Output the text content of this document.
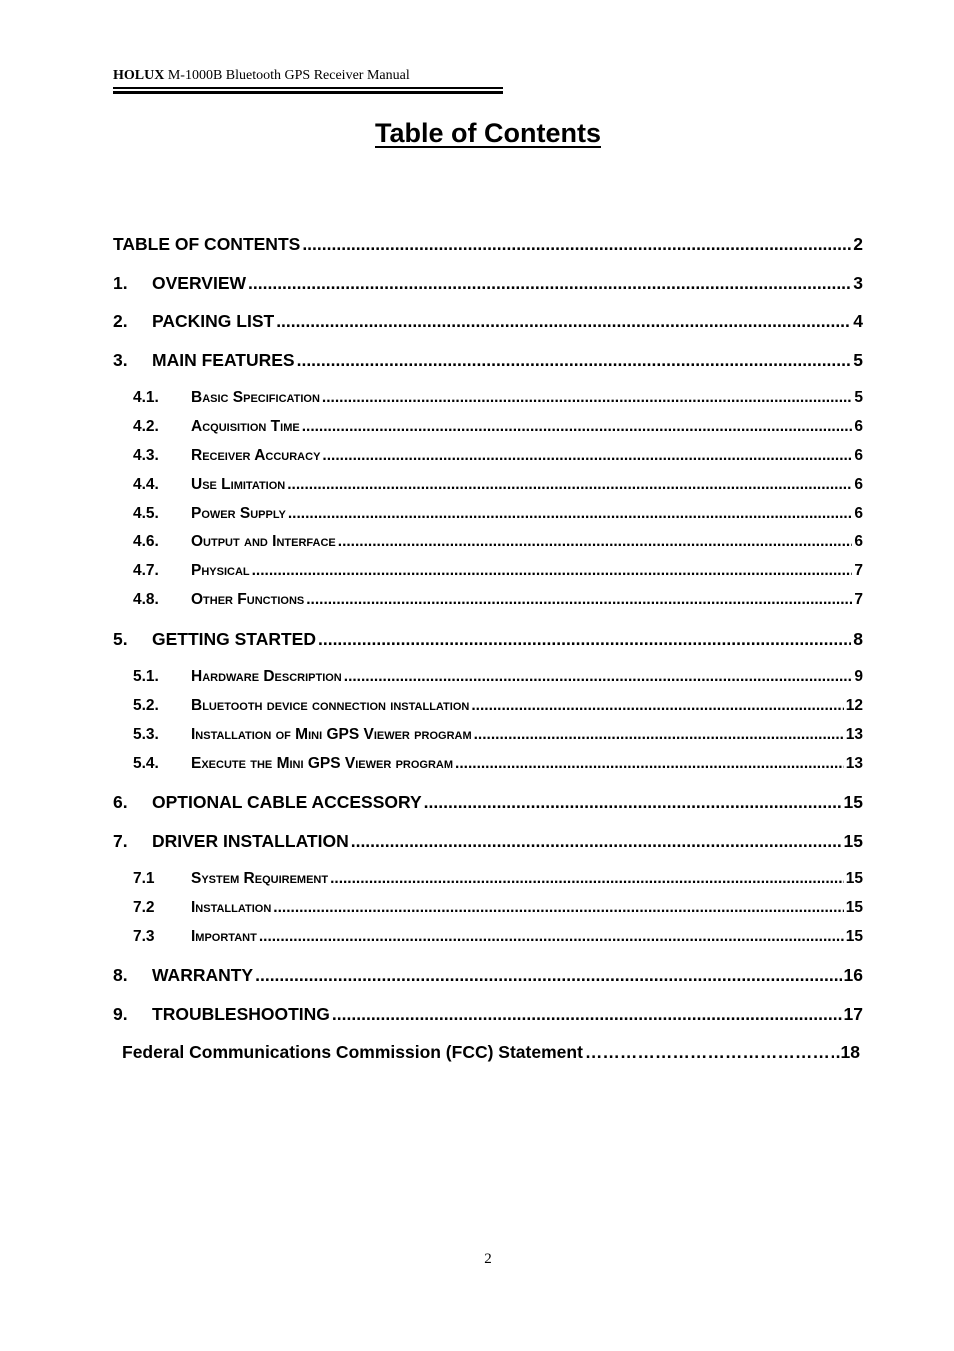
HOLUX M-1000B Bluetooth GPS Receiver Manual
Table of Contents
TABLE OF CONTENTS .....	2
1.	OVERVIEW .....	3
2.	PACKING LIST .....	4
3.	MAIN FEATURES .....	5
4.1.	Basic Specification .....	5
4.2.	Acquisition Time .....	6
4.3.	Receiver Accuracy .....	6
4.4.	Use Limitation .....	6
4.5.	Power Supply .....	6
4.6.	Output and Interface .....	6
4.7.	Physical .....	7
4.8.	Other Functions .....	7
5.	GETTING STARTED .....	8
5.1.	Hardware Description .....	9
5.2.	Bluetooth device connection installation .....	12
5.3.	Installation of Mini GPS Viewer program .....	13
5.4.	Execute the Mini GPS Viewer program .....	13
6.	OPTIONAL CABLE ACCESSORY .....	15
7.	DRIVER INSTALLATION .....	15
7.1	System Requirement .....	15
7.2	Installation .....	15
7.3	Important .....	15
8.	WARRANTY .....	16
9.	TROUBLESHOOTING .....	17
Federal Communications Commission (FCC) Statement ………………………………………………………………………………………………………………………………………	.18
2
